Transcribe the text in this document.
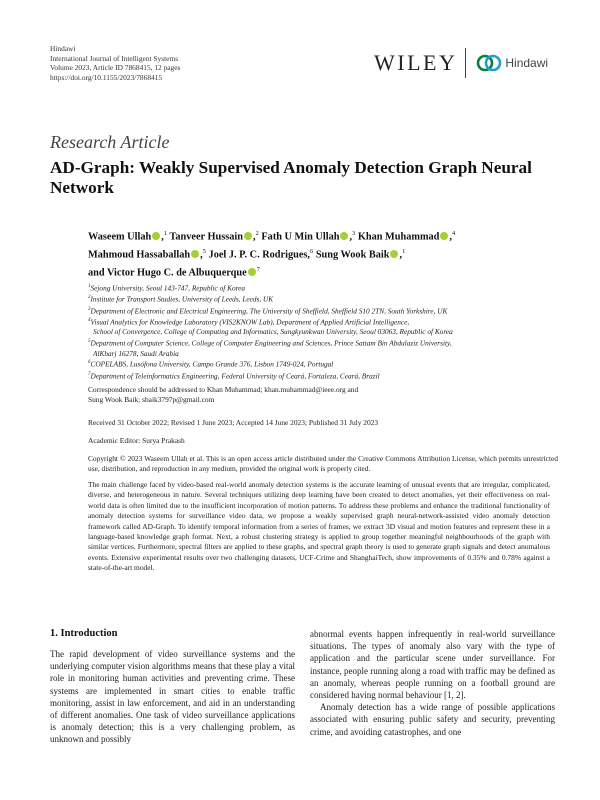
Hindawi
International Journal of Intelligent Systems
Volume 2023, Article ID 7868415, 12 pages
https://doi.org/10.1155/2023/7868415
WILEY	Hindawi
Research Article
AD-Graph: Weakly Supervised Anomaly Detection Graph Neural Network
Waseem Ullah ,$^1$ Tanveer Hussain ,$^2$ Fath U Min Ullah ,$^3$ Khan Muhammad ,$^4$
Mahmoud Hassaballah ,$^5$ Joel J. P. C. Rodrigues,$^6$ Sung Wook Baik ,$^1$
and Victor Hugo C. de Albuquerque $^7$
$^1$Sejong University, Seoul 143-747, Republic of Korea
$^2$Institute for Transport Studies, University of Leeds, Leeds, UK
$^3$Department of Electronic and Electrical Engineering, The University of Sheffield, Sheffield S10 2TN, South Yorkshire, UK
$^4$Visual Analytics for Knowledge Laboratory (VIS2KNOW Lab), Department of Applied Artificial Intelligence,
School of Convergence, College of Computing and Informatics, Sungkyunkwan University, Seoul 03063, Republic of Korea
$^5$Department of Computer Science, College of Computer Engineering and Sciences, Prince Sattam Bin Abdulaziz University,
AlKharj 16278, Saudi Arabia
$^6$COPELABS, Lusófona University, Campo Grande 376, Lisbon 1749-024, Portugal
$^7$Department of Teleinformatics Engineering, Federal University of Ceará, Fortaleza, Ceará, Brazil
Correspondence should be addressed to Khan Muhammad; khan.muhammad@ieee.org and
Sung Wook Baik; sbaik3797p@gmail.com
Received 31 October 2022; Revised 1 June 2023; Accepted 14 June 2023; Published 31 July 2023
Academic Editor: Surya Prakash
Copyright © 2023 Waseem Ullah et al. This is an open access article distributed under the Creative Commons Attribution License, which permits unrestricted use, distribution, and reproduction in any medium, provided the original work is properly cited.
The main challenge faced by video-based real-world anomaly detection systems is the accurate learning of unusual events that are irregular, complicated, diverse, and heterogeneous in nature. Several techniques utilizing deep learning have been created to detect anomalies, yet their effectiveness on real-world data is often limited due to the insufficient incorporation of motion patterns. To address these problems and enhance the traditional functionality of anomaly detection systems for surveillance video data, we propose a weakly supervised graph neural-network-assisted video anomaly detection framework called AD-Graph. To identify temporal information from a series of frames, we extract 3D visual and motion features and represent these in a language-based knowledge graph format. Next, a robust clustering strategy is applied to group together meaningful neighbourhoods of the graph with similar vertices. Furthermore, spectral filters are applied to these graphs, and spectral graph theory is used to generate graph signals and detect anomalous events. Extensive experimental results over two challenging datasets, UCF-Crime and ShanghaiTech, show improvements of 0.35% and 0.78% against a state-of-the-art model.
1. Introduction
The rapid development of video surveillance systems and the underlying computer vision algorithms means that these play a vital role in monitoring human activities and preventing crime. These systems are implemented in smart cities to enable traffic monitoring, assist in law enforcement, and aid in an understanding of different anomalies. One task of video surveillance applications is anomaly detection; this is a very challenging problem, as unknown and possibly
abnormal events happen infrequently in real-world surveillance situations. The types of anomaly also vary with the type of application and the particular scene under surveillance. For instance, people running along a road with traffic may be defined as an anomaly, whereas people running on a football ground are considered having normal behaviour [1, 2].
Anomaly detection has a wide range of possible applications associated with ensuring public safety and security, preventing crime, and avoiding catastrophes, and one
